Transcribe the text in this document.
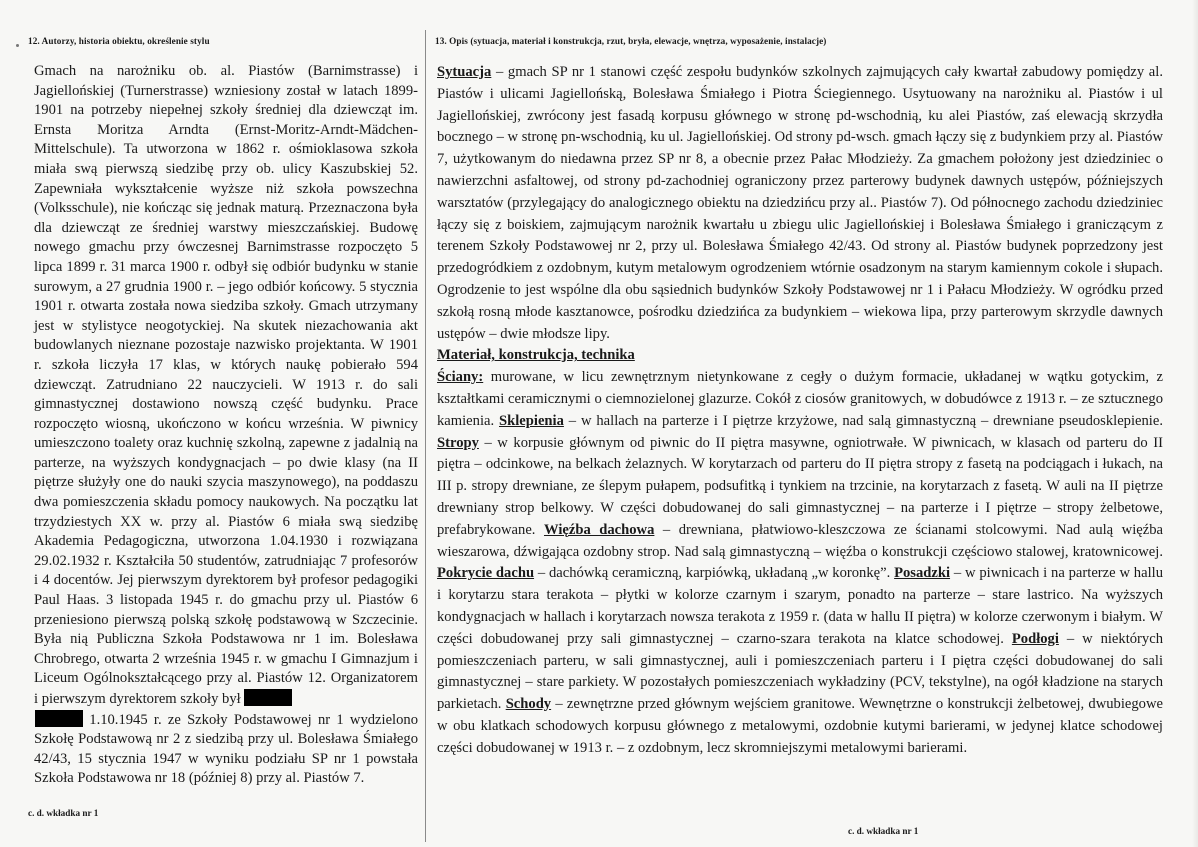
12. Autorzy, historia obiektu, określenie stylu

Gmach na narożniku ob. al. Piastów (Barnimstrasse) i Jagiellońskiej (Turnerstrasse) wzniesiony został w latach 1899-1901 na potrzeby niepełnej szkoły średniej dla dziewcząt im. Ernsta Moritza Arndta (Ernst-Moritz-Arndt-Mädchen-Mittelschule). Ta utworzona w 1862 r. ośmioklasowa szkoła miała swą pierwszą siedzibę przy ob. ulicy Kaszubskiej 52. Zapewniała wykształcenie wyższe niż szkoła powszechna (Volksschule), nie kończąc się jednak maturą. Przeznaczona była dla dziewcząt ze średniej warstwy mieszczańskiej. Budowę nowego gmachu przy ówczesnej Barnimstrasse rozpoczęto 5 lipca 1899 r. 31 marca 1900 r. odbył się odbiór budynku w stanie surowym, a 27 grudnia 1900 r. – jego odbiór końcowy. 5 stycznia 1901 r. otwarta została nowa siedziba szkoły. Gmach utrzymany jest w stylistyce neogotyckiej. Na skutek niezachowania akt budowlanych nieznane pozostaje nazwisko projektanta. W 1901 r. szkoła liczyła 17 klas, w których naukę pobierało 594 dziewcząt. Zatrudniano 22 nauczycieli. W 1913 r. do sali gimnastycznej dostawiono nowszą część budynku. Prace rozpoczęto wiosną, ukończono w końcu września. W piwnicy umieszczono toalety oraz kuchnię szkolną, zapewne z jadalnią na parterze, na wyższych kondygnacjach – po dwie klasy (na II piętrze służyły one do nauki szycia maszynowego), na poddaszu dwa pomieszczenia składu pomocy naukowych. Na początku lat trzydziestych XX w. przy al. Piastów 6 miała swą siedzibę Akademia Pedagogiczna, utworzona 1.04.1930 i rozwiązana 29.02.1932 r. Kształciła 50 studentów, zatrudniając 7 profesorów i 4 docentów. Jej pierwszym dyrektorem był profesor pedagogiki Paul Haas. 3 listopada 1945 r. do gmachu przy ul. Piastów 6 przeniesiono pierwszą polską szkołę podstawową w Szczecinie. Była nią Publiczna Szkoła Podstawowa nr 1 im. Bolesława Chrobrego, otwarta 2 września 1945 r. w gmachu I Gimnazjum i Liceum Ogólnokształcącego przy al. Piastów 12. Organizatorem i pierwszym dyrektorem szkoły był
1.10.1945 r. ze Szkoły Podstawowej nr 1 wydzielono Szkołę Podstawową nr 2 z siedzibą przy ul. Bolesława Śmiałego 42/43, 15 stycznia 1947 w wyniku podziału SP nr 1 powstała Szkoła Podstawowa nr 18 (później 8) przy al. Piastów 7.

c. d. wkładka nr 1
13. Opis (sytuacja, materiał i konstrukcja, rzut, bryła, elewacje, wnętrza, wyposażenie, instalacje)

Sytuacja – gmach SP nr 1 stanowi część zespołu budynków szkolnych zajmujących cały kwartał zabudowy pomiędzy al. Piastów i ulicami Jagiellońską, Bolesława Śmiałego i Piotra Ściegiennego. Usytuowany na narożniku al. Piastów i ul Jagiellońskiej, zwrócony jest fasadą korpusu głównego w stronę pd-wschodnią, ku alei Piastów, zaś elewacją skrzydła bocznego – w stronę pn-wschodnią, ku ul. Jagiellońskiej. Od strony pd-wsch. gmach łączy się z budynkiem przy al. Piastów 7, użytkowanym do niedawna przez SP nr 8, a obecnie przez Pałac Młodzieży. Za gmachem położony jest dziedziniec o nawierzchni asfaltowej, od strony pd-zachodniej ograniczony przez parterowy budynek dawnych ustępów, późniejszych warsztatów (przylegający do analogicznego obiektu na dziedzińcu przy al.. Piastów 7). Od północnego zachodu dziedziniec łączy się z boiskiem, zajmującym narożnik kwartału u zbiegu ulic Jagiellońskiej i Bolesława Śmiałego i graniczącym z terenem Szkoły Podstawowej nr 2, przy ul. Bolesława Śmiałego 42/43. Od strony al. Piastów budynek poprzedzony jest przedogródkiem z ozdobnym, kutym metalowym ogrodzeniem wtórnie osadzonym na starym kamiennym cokole i słupach. Ogrodzenie to jest wspólne dla obu sąsiednich budynków Szkoły Podstawowej nr 1 i Pałacu Młodzieży. W ogródku przed szkołą rosną młode kasztanowce, pośrodku dziedzińca za budynkiem – wiekowa lipa, przy parterowym skrzydle dawnych ustępów – dwie młodsze lipy.
Materiał, konstrukcja, technika
Ściany: murowane, w licu zewnętrznym nietynkowane z cegły o dużym formacie, układanej w wątku gotyckim, z kształtkami ceramicznymi o ciemnozielonej glazurze. Cokół z ciosów granitowych, w dobudówce z 1913 r. – ze sztucznego kamienia. Sklepienia – w hallach na parterze i I piętrze krzyżowe, nad salą gimnastyczną – drewniane pseudosklepienie. Stropy – w korpusie głównym od piwnic do II piętra masywne, ogniotrwałe. W piwnicach, w klasach od parteru do II piętra – odcinkowe, na belkach żelaznych. W korytarzach od parteru do II piętra stropy z fasetą na podciągach i łukach, na III p. stropy drewniane, ze ślepym pułapem, podsufitką i tynkiem na trzcinie, na korytarzach z fasetą. W auli na II piętrze drewniany strop belkowy. W części dobudowanej do sali gimnastycznej – na parterze i I piętrze – stropy żelbetowe, prefabrykowane. Więźba dachowa – drewniana, płatwiowo-kleszczowa ze ścianami stolcowymi. Nad aulą więźba wieszarowa, dźwigająca ozdobny strop. Nad salą gimnastyczną – więźba o konstrukcji częściowo stalowej, kratownicowej. Pokrycie dachu – dachówką ceramiczną, karpiówką, układaną „w koronkę”. Posadzki – w piwnicach i na parterze w hallu i korytarzu stara terakota – płytki w kolorze czarnym i szarym, ponadto na parterze – stare lastrico. Na wyższych kondygnacjach w hallach i korytarzach nowsza terakota z 1959 r. (data w hallu II piętra) w kolorze czerwonym i białym. W części dobudowanej przy sali gimnastycznej – czarno-szara terakota na klatce schodowej. Podłogi – w niektórych pomieszczeniach parteru, w sali gimnastycznej, auli i pomieszczeniach parteru i I piętra części dobudowanej do sali gimnastycznej – stare parkiety. W pozostałych pomieszczeniach wykładziny (PCV, tekstylne), na ogół kładzione na starych parkietach. Schody – zewnętrzne przed głównym wejściem granitowe. Wewnętrzne o konstrukcji żelbetowej, dwubiegowe w obu klatkach schodowych korpusu głównego z metalowymi, ozdobnie kutymi barierami, w jedynej klatce schodowej części dobudowanej w 1913 r. – z ozdobnym, lecz skromniejszymi metalowymi barierami.

c. d. wkładka nr 1
